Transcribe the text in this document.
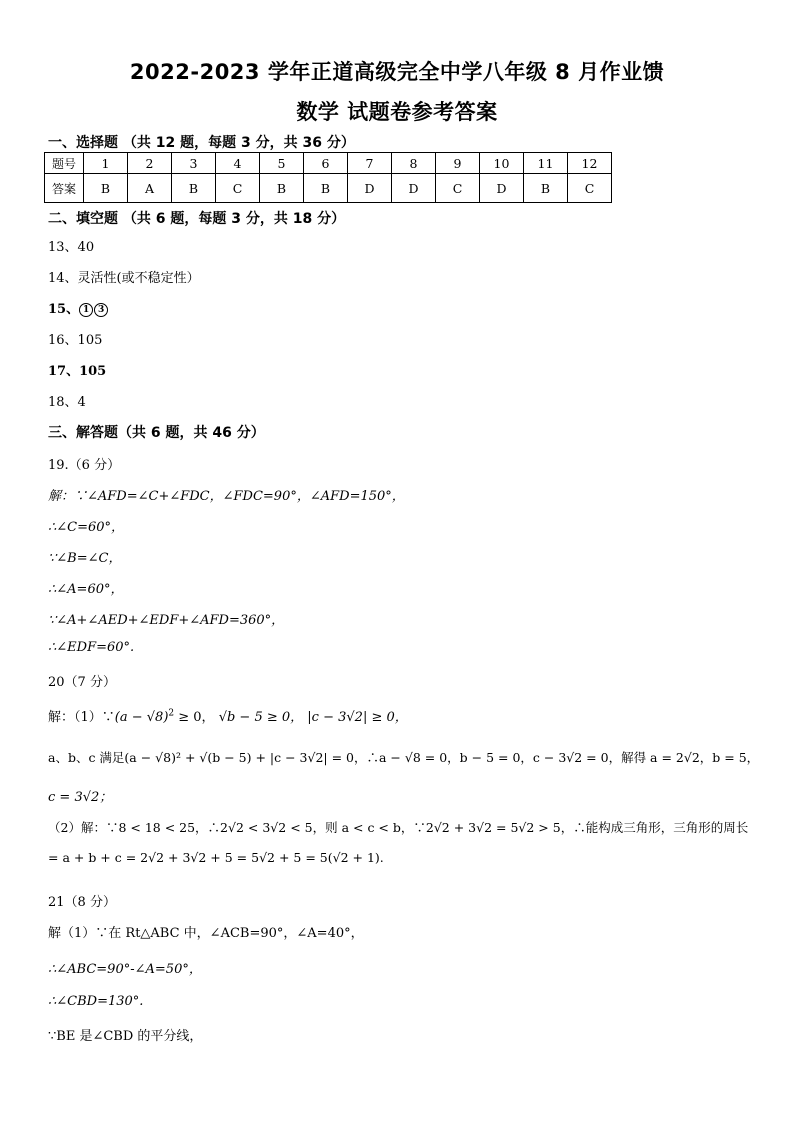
2022-2023 学年正道高级完全中学八年级 8 月作业馈
数学 试题卷参考答案
一、选择题 （共 12 题，每题 3 分，共 36 分）
题号	1	2	3	4	5	6	7	8	9	10	11	12
答案	B	A	B	C	B	B	D	D	C	D	B	C
二、填空题 （共 6 题，每题 3 分，共 18 分）
13、40
14、灵活性(或不稳定性）
15、 1 3
16、105
17、105
18、4
三、解答题（共 6 题，共 46 分）
19.（6 分）
解：∵∠AFD=∠C+∠FDC，∠FDC=90°，∠AFD=150°，
∴∠C=60°，
∵∠B=∠C，
∴∠A=60°，
∵∠A+∠AED+∠EDF+∠AFD=360°，
∴∠EDF=60°.
20（7 分）
解：（1）∵(a − √8)$^2$ ≥ 0， √b − 5 ≥ 0， |c − 3√2| ≥ 0，
a、b、c 满足(a − √8)² + √(b − 5) + |c − 3√2| = 0，∴a − √8 = 0，b − 5 = 0，c − 3√2 = 0，解得 a = 2√2，b = 5，
c = 3√2；
（2）解：∵8 < 18 < 25，∴2√2 < 3√2 < 5，则 a < c < b，∵2√2 + 3√2 = 5√2 > 5，∴能构成三角形，三角形的周长
= a + b + c = 2√2 + 3√2 + 5 = 5√2 + 5 = 5(√2 + 1).
21（8 分）
解（1）∵在 Rt△ABC 中，∠ACB=90°，∠A=40°，
∴∠ABC=90°-∠A=50°，
∴∠CBD=130°.
∵BE 是∠CBD 的平分线，
